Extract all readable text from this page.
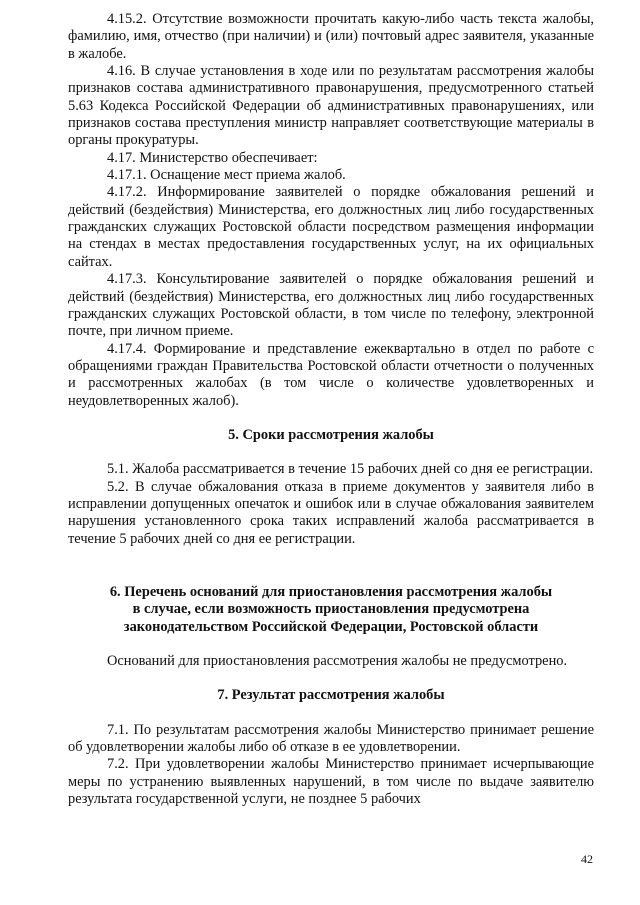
4.15.2. Отсутствие возможности прочитать какую-либо часть текста жалобы, фамилию, имя, отчество (при наличии) и (или) почтовый адрес заявителя, указанные в жалобе.

4.16. В случае установления в ходе или по результатам рассмотрения жалобы признаков состава административного правонарушения, предусмотренного статьей 5.63 Кодекса Российской Федерации об административных правонарушениях, или признаков состава преступления министр направляет соответствующие материалы в органы прокуратуры.

4.17. Министерство обеспечивает:

4.17.1. Оснащение мест приема жалоб.

4.17.2. Информирование заявителей о порядке обжалования решений и действий (бездействия) Министерства, его должностных лиц либо государственных гражданских служащих Ростовской области посредством размещения информации на стендах в местах предоставления государственных услуг, на их официальных сайтах.

4.17.3. Консультирование заявителей о порядке обжалования решений и действий (бездействия) Министерства, его должностных лиц либо государственных гражданских служащих Ростовской области, в том числе по телефону, электронной почте, при личном приеме.

4.17.4. Формирование и представление ежеквартально в отдел по работе с обращениями граждан Правительства Ростовской области отчетности о полученных и рассмотренных жалобах (в том числе о количестве удовлетворенных и неудовлетворенных жалоб).

5. Сроки рассмотрения жалобы

5.1. Жалоба рассматривается в течение 15 рабочих дней со дня ее регистрации.

5.2. В случае обжалования отказа в приеме документов у заявителя либо в исправлении допущенных опечаток и ошибок или в случае обжалования заявителем нарушения установленного срока таких исправлений жалоба рассматривается в течение 5 рабочих дней со дня ее регистрации.

6. Перечень оснований для приостановления рассмотрения жалобы

в случае, если возможность приостановления предусмотрена

законодательством Российской Федерации, Ростовской области

Оснований для приостановления рассмотрения жалобы не предусмотрено.

7. Результат рассмотрения жалобы

7.1. По результатам рассмотрения жалобы Министерство принимает решение об удовлетворении жалобы либо об отказе в ее удовлетворении.

7.2. При удовлетворении жалобы Министерство принимает исчерпывающие меры по устранению выявленных нарушений, в том числе по выдаче заявителю результата государственной услуги, не позднее 5 рабочих

42
